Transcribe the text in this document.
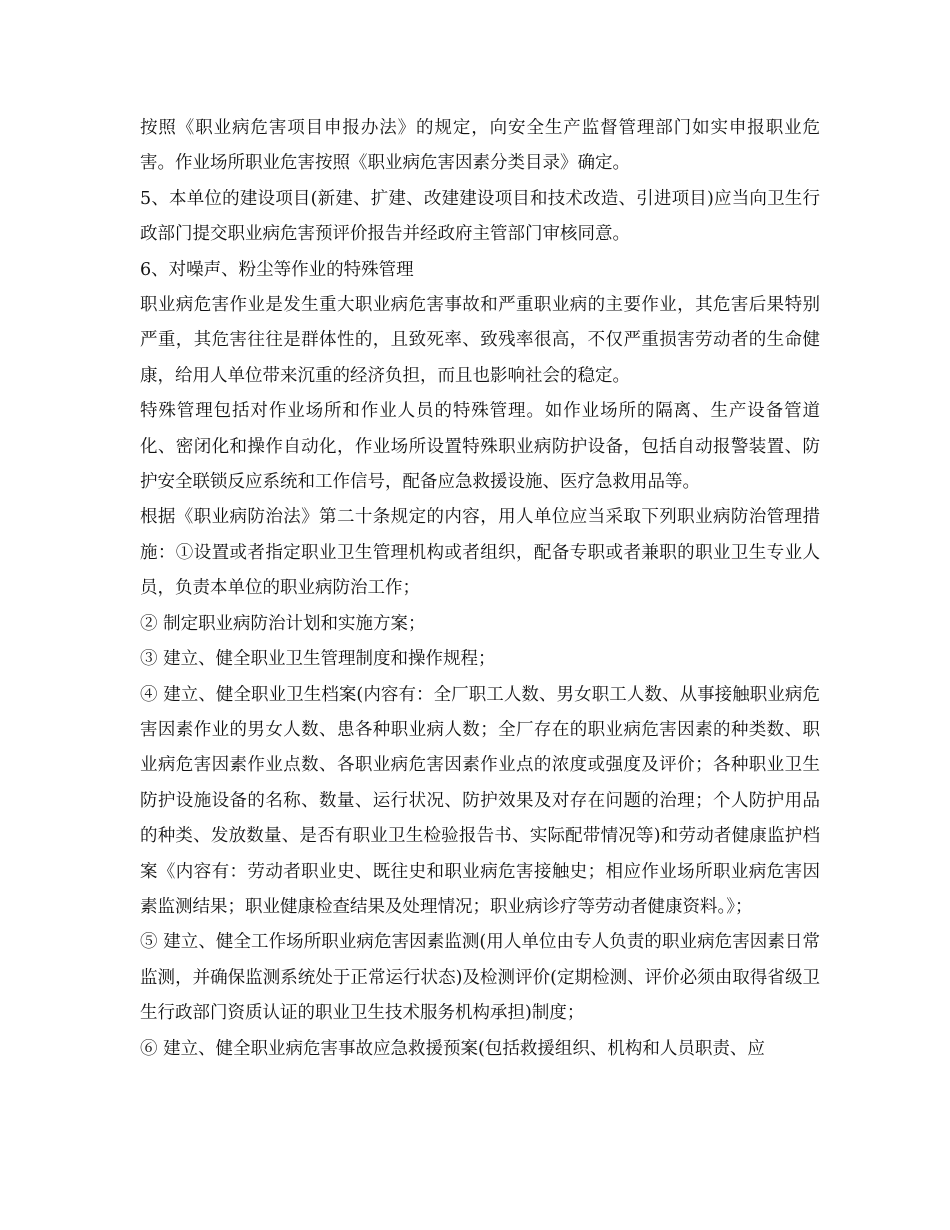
按照《职业病危害项目申报办法》的规定，向安全生产监督管理部门如实申报职业危害。作业场所职业危害按照《职业病危害因素分类目录》确定。

5、本单位的建设项目(新建、扩建、改建建设项目和技术改造、引进项目)应当向卫生行政部门提交职业病危害预评价报告并经政府主管部门审核同意。

6、对噪声、粉尘等作业的特殊管理

职业病危害作业是发生重大职业病危害事故和严重职业病的主要作业，其危害后果特别严重，其危害往往是群体性的，且致死率、致残率很高，不仅严重损害劳动者的生命健康，给用人单位带来沉重的经济负担，而且也影响社会的稳定。

特殊管理包括对作业场所和作业人员的特殊管理。如作业场所的隔离、生产设备管道化、密闭化和操作自动化，作业场所设置特殊职业病防护设备，包括自动报警装置、防护安全联锁反应系统和工作信号，配备应急救援设施、医疗急救用品等。

根据《职业病防治法》第二十条规定的内容，用人单位应当采取下列职业病防治管理措施：①设置或者指定职业卫生管理机构或者组织，配备专职或者兼职的职业卫生专业人员，负责本单位的职业病防治工作；

② 制定职业病防治计划和实施方案；

③ 建立、健全职业卫生管理制度和操作规程；

④ 建立、健全职业卫生档案(内容有：全厂职工人数、男女职工人数、从事接触职业病危害因素作业的男女人数、患各种职业病人数；全厂存在的职业病危害因素的种类数、职业病危害因素作业点数、各职业病危害因素作业点的浓度或强度及评价；各种职业卫生防护设施设备的名称、数量、运行状况、防护效果及对存在问题的治理；个人防护用品的种类、发放数量、是否有职业卫生检验报告书、实际配带情况等)和劳动者健康监护档案《内容有：劳动者职业史、既往史和职业病危害接触史；相应作业场所职业病危害因素监测结果；职业健康检查结果及处理情况；职业病诊疗等劳动者健康资料。》；

⑤ 建立、健全工作场所职业病危害因素监测(用人单位由专人负责的职业病危害因素日常监测，并确保监测系统处于正常运行状态)及检测评价(定期检测、评价必须由取得省级卫生行政部门资质认证的职业卫生技术服务机构承担)制度；

⑥ 建立、健全职业病危害事故应急救援预案(包括救援组织、机构和人员职责、应
